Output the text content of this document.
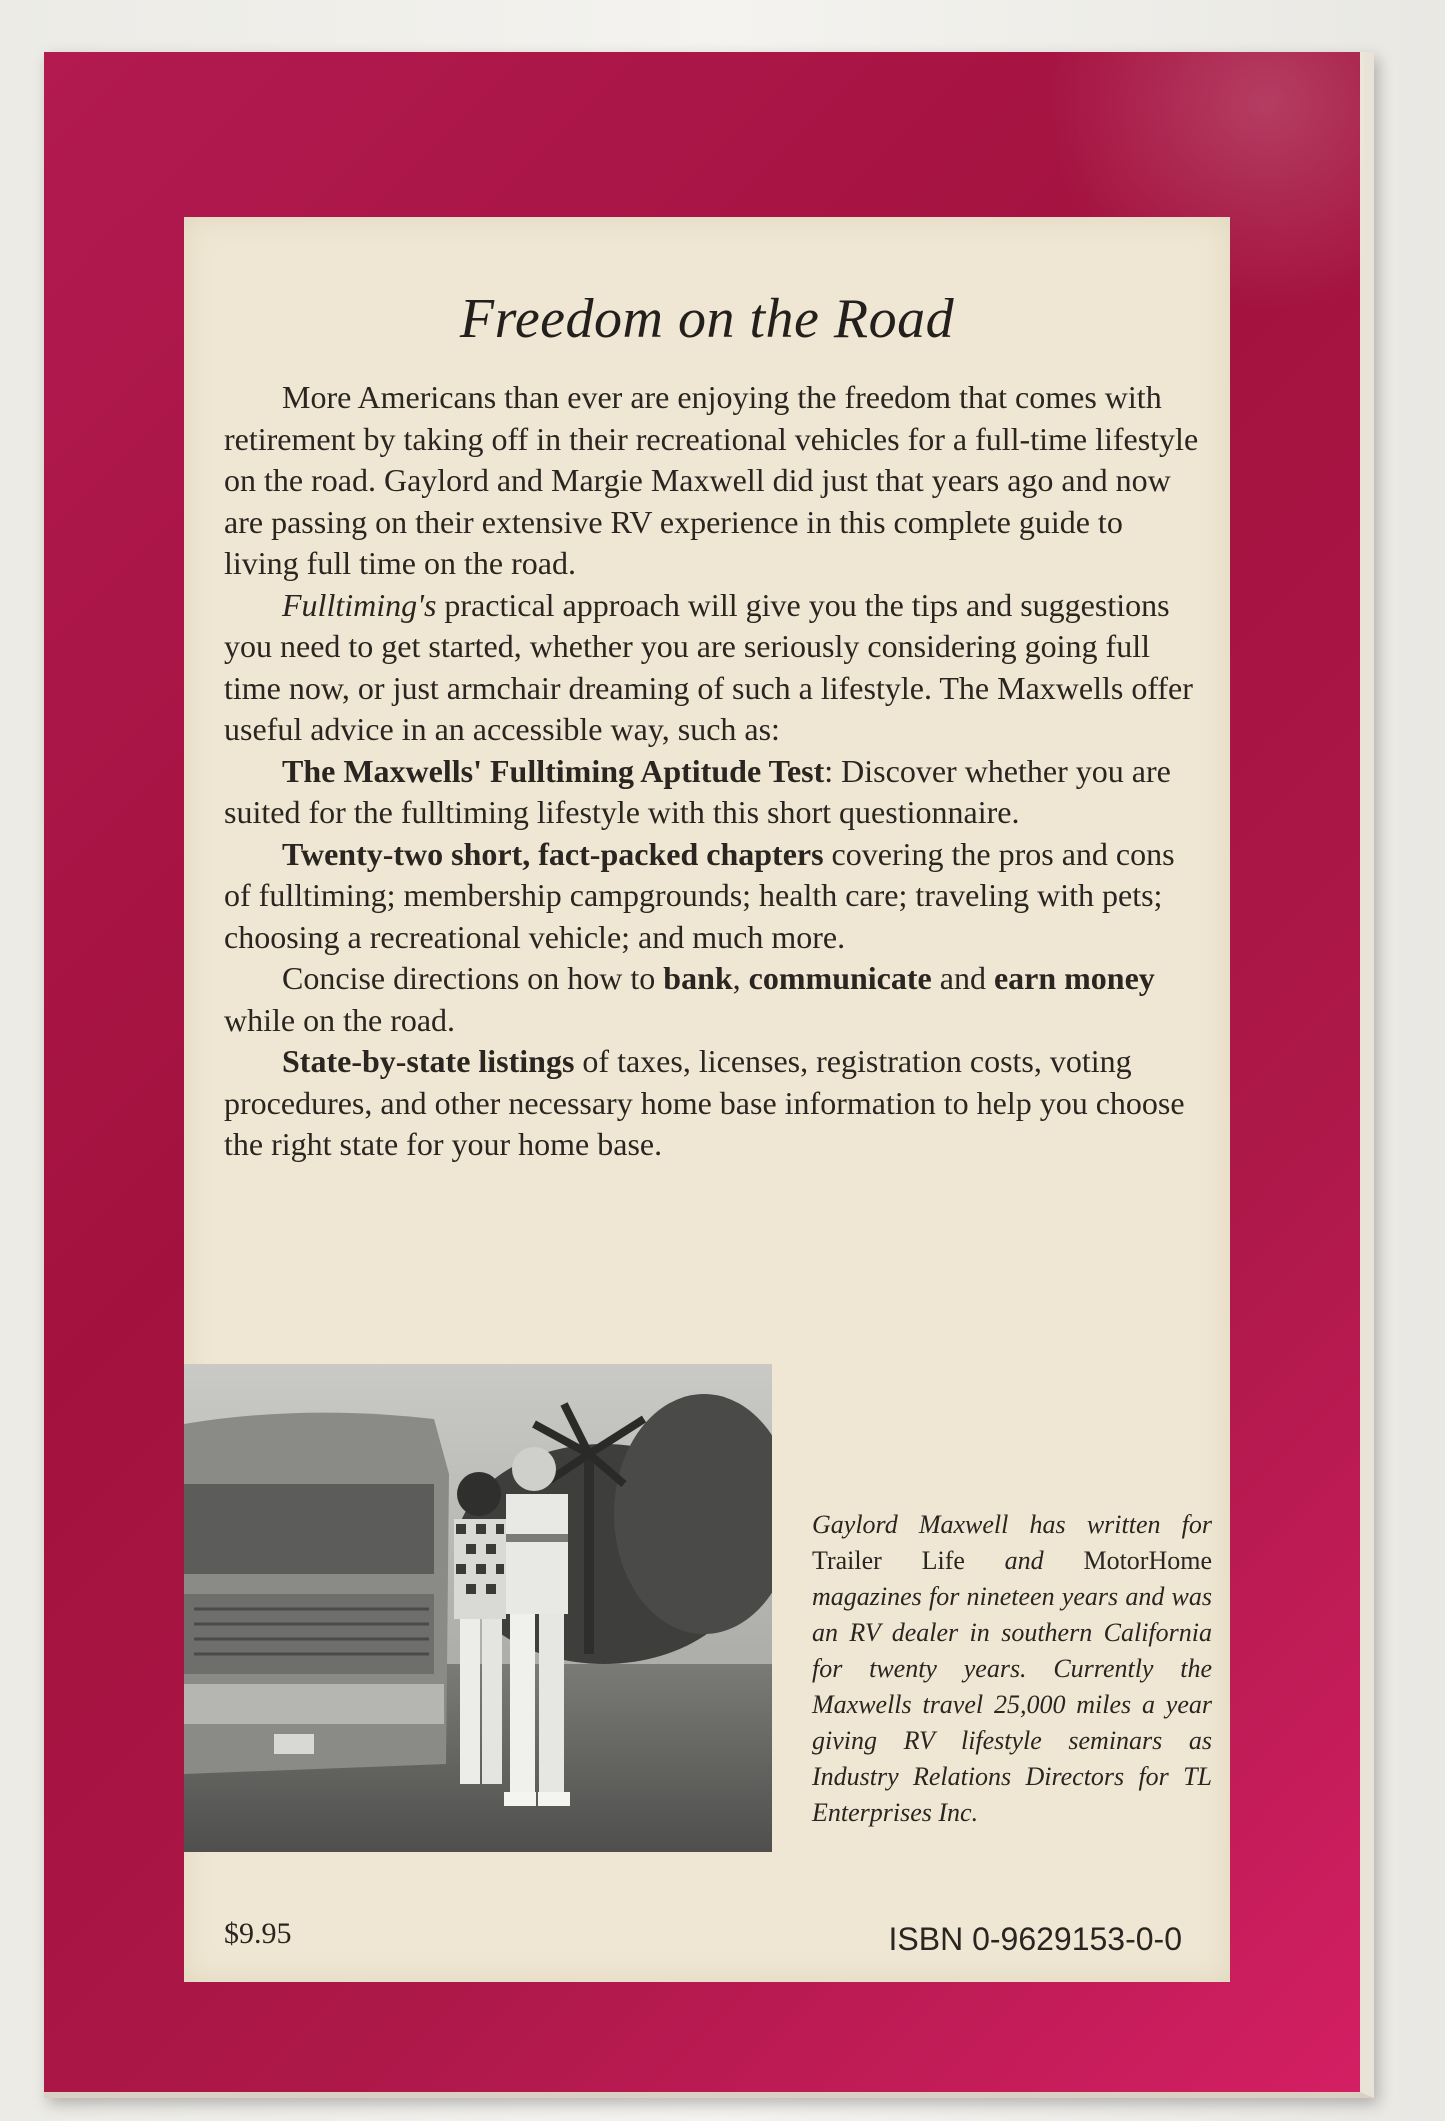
Freedom on the Road

More Americans than ever are enjoying the freedom that comes with retirement by taking off in their recreational vehicles for a full-time lifestyle on the road. Gaylord and Margie Maxwell did just that years ago and now are passing on their extensive RV experience in this complete guide to living full time on the road.

Fulltiming's practical approach will give you the tips and suggestions you need to get started, whether you are seriously considering going full time now, or just armchair dreaming of such a lifestyle. The Maxwells offer useful advice in an accessible way, such as:

The Maxwells' Fulltiming Aptitude Test: Discover whether you are suited for the fulltiming lifestyle with this short questionnaire.

Twenty-two short, fact-packed chapters covering the pros and cons of fulltiming; membership campgrounds; health care; traveling with pets; choosing a recreational vehicle; and much more.

Concise directions on how to bank, communicate and earn money while on the road.

State-by-state listings of taxes, licenses, registration costs, voting procedures, and other necessary home base information to help you choose the right state for your home base.

Gaylord Maxwell has written for Trailer Life and MotorHome magazines for nineteen years and was an RV dealer in southern California for twenty years. Currently the Maxwells travel 25,000 miles a year giving RV lifestyle seminars as Industry Relations Directors for TL Enterprises Inc.
$9.95	ISBN 0-9629153-0-0
